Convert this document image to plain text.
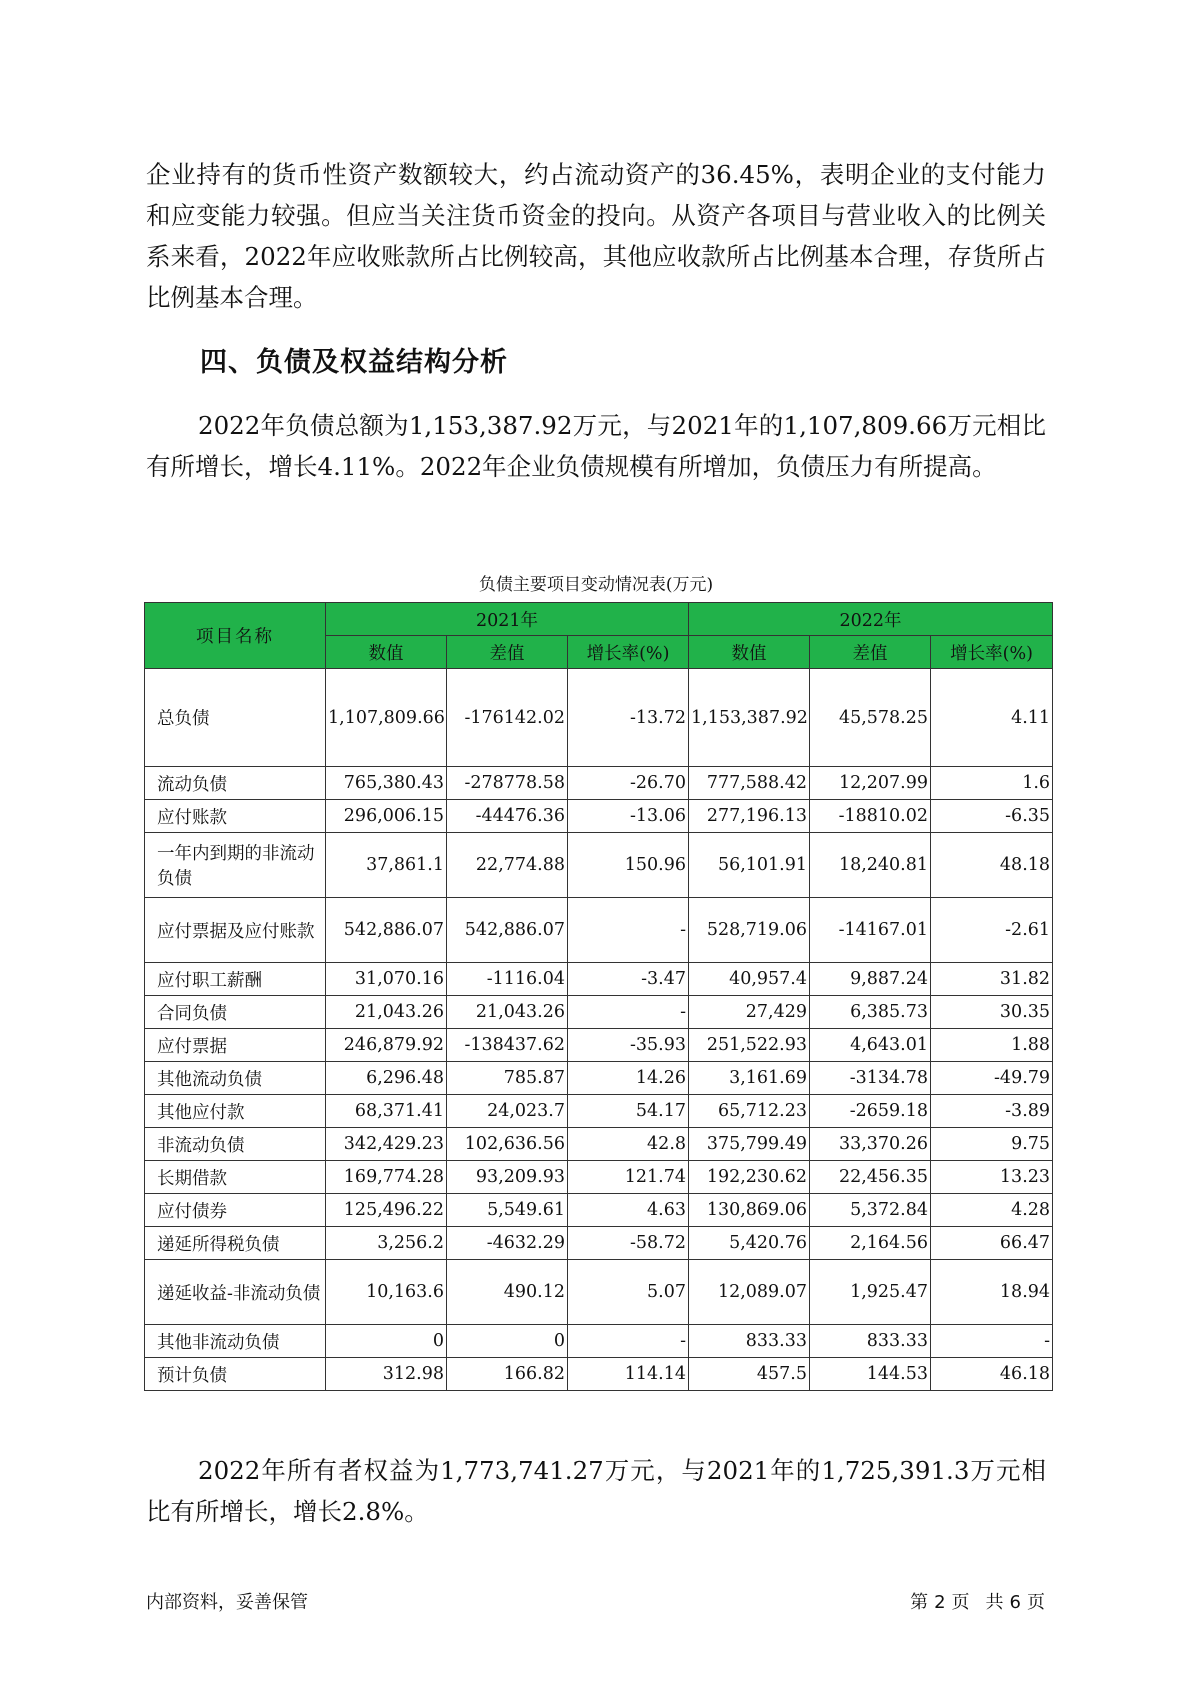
企业持有的货币性资产数额较大，约占流动资产的36.45%，表明企业的支付能力和应变能力较强。但应当关注货币资金的投向。从资产各项目与营业收入的比例关系来看，2022年应收账款所占比例较高，其他应收款所占比例基本合理，存货所占比例基本合理。

四、负债及权益结构分析

2022年负债总额为1,153,387.92万元，与2021年的1,107,809.66万元相比有所增长，增长4.11%。2022年企业负债规模有所增加，负债压力有所提高。

负债主要项目变动情况表(万元)
项目名称	2021年			2022年		
	数值	差值	增长率(%)	数值	差值	增长率(%)
总负债	1,107,809.66	-176142.02	-13.72	1,153,387.92	45,578.25	4.11
流动负债	765,380.43	-278778.58	-26.70	777,588.42	12,207.99	1.6
应付账款	296,006.15	-44476.36	-13.06	277,196.13	-18810.02	-6.35
一年内到期的非流动负债	37,861.1	22,774.88	150.96	56,101.91	18,240.81	48.18
应付票据及应付账款	542,886.07	542,886.07	-	528,719.06	-14167.01	-2.61
应付职工薪酬	31,070.16	-1116.04	-3.47	40,957.4	9,887.24	31.82
合同负债	21,043.26	21,043.26	-	27,429	6,385.73	30.35
应付票据	246,879.92	-138437.62	-35.93	251,522.93	4,643.01	1.88
其他流动负债	6,296.48	785.87	14.26	3,161.69	-3134.78	-49.79
其他应付款	68,371.41	24,023.7	54.17	65,712.23	-2659.18	-3.89
非流动负债	342,429.23	102,636.56	42.8	375,799.49	33,370.26	9.75
长期借款	169,774.28	93,209.93	121.74	192,230.62	22,456.35	13.23
应付债券	125,496.22	5,549.61	4.63	130,869.06	5,372.84	4.28
递延所得税负债	3,256.2	-4632.29	-58.72	5,420.76	2,164.56	66.47
递延收益-非流动负债	10,163.6	490.12	5.07	12,089.07	1,925.47	18.94
其他非流动负债	0	0	-	833.33	833.33	-
预计负债	312.98	166.82	114.14	457.5	144.53	46.18

2022年所有者权益为1,773,741.27万元，与2021年的1,725,391.3万元相比有所增长，增长2.8%。

内部资料，妥善保管	第 2 页 共 6 页
